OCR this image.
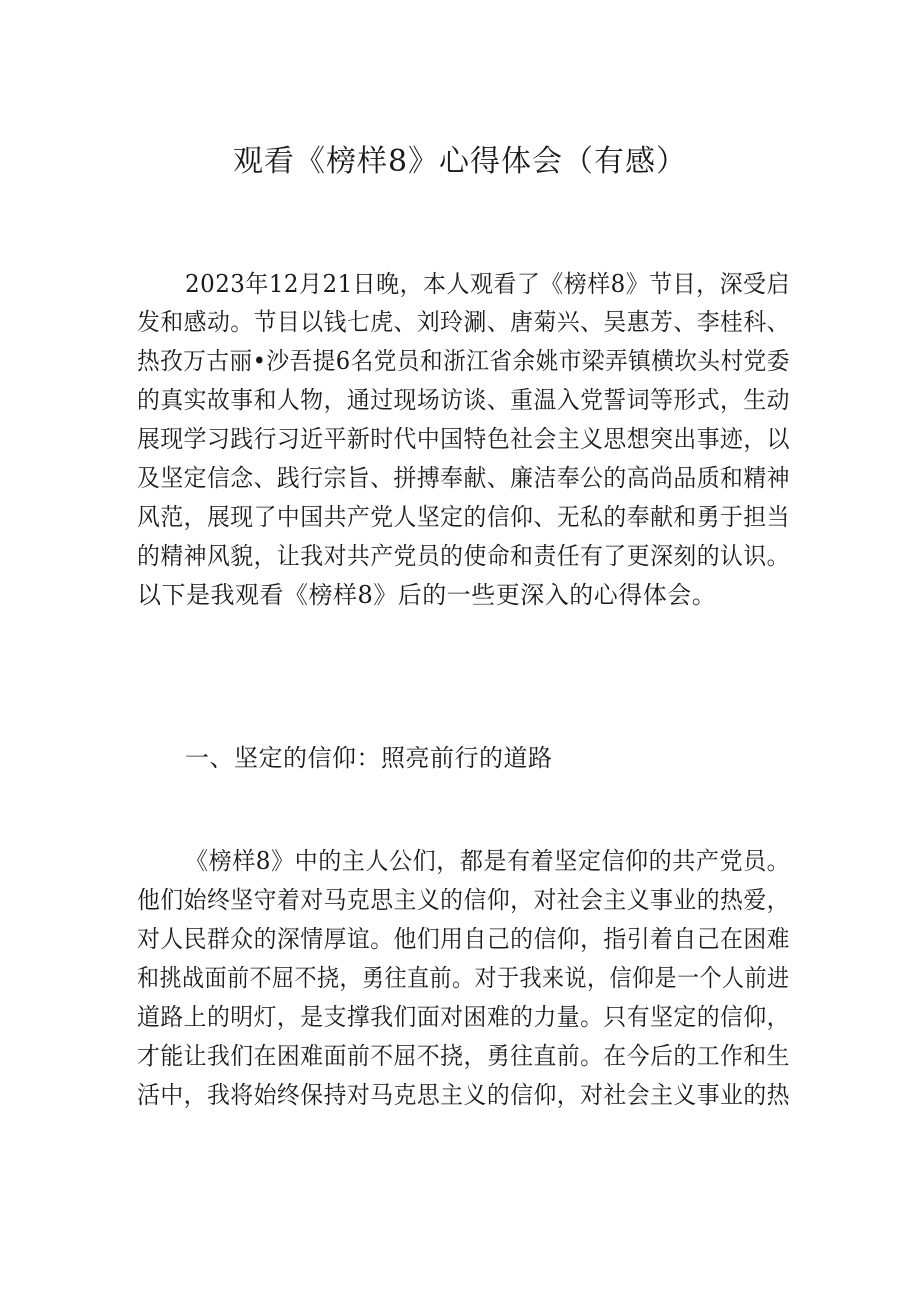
观看《榜样8》心得体会（有感）
2023年12月21日晚，本人观看了《榜样8》节目，深受启
发和感动。节目以钱七虎、刘玲涮、唐菊兴、吴惠芳、李桂科、
热孜万古丽•沙吾提6名党员和浙江省余姚市梁弄镇横坎头村党委
的真实故事和人物，通过现场访谈、重温入党誓词等形式，生动
展现学习践行习近平新时代中国特色社会主义思想突出事迹，以
及坚定信念、践行宗旨、拼搏奉献、廉洁奉公的高尚品质和精神
风范，展现了中国共产党人坚定的信仰、无私的奉献和勇于担当
的精神风貌，让我对共产党员的使命和责任有了更深刻的认识。
以下是我观看《榜样8》后的一些更深入的心得体会。
一、坚定的信仰：照亮前行的道路
《榜样8》中的主人公们，都是有着坚定信仰的共产党员。
他们始终坚守着对马克思主义的信仰，对社会主义事业的热爱，
对人民群众的深情厚谊。他们用自己的信仰，指引着自己在困难
和挑战面前不屈不挠，勇往直前。对于我来说，信仰是一个人前进
道路上的明灯，是支撑我们面对困难的力量。只有坚定的信仰，
才能让我们在困难面前不屈不挠，勇往直前。在今后的工作和生
活中，我将始终保持对马克思主义的信仰，对社会主义事业的热
